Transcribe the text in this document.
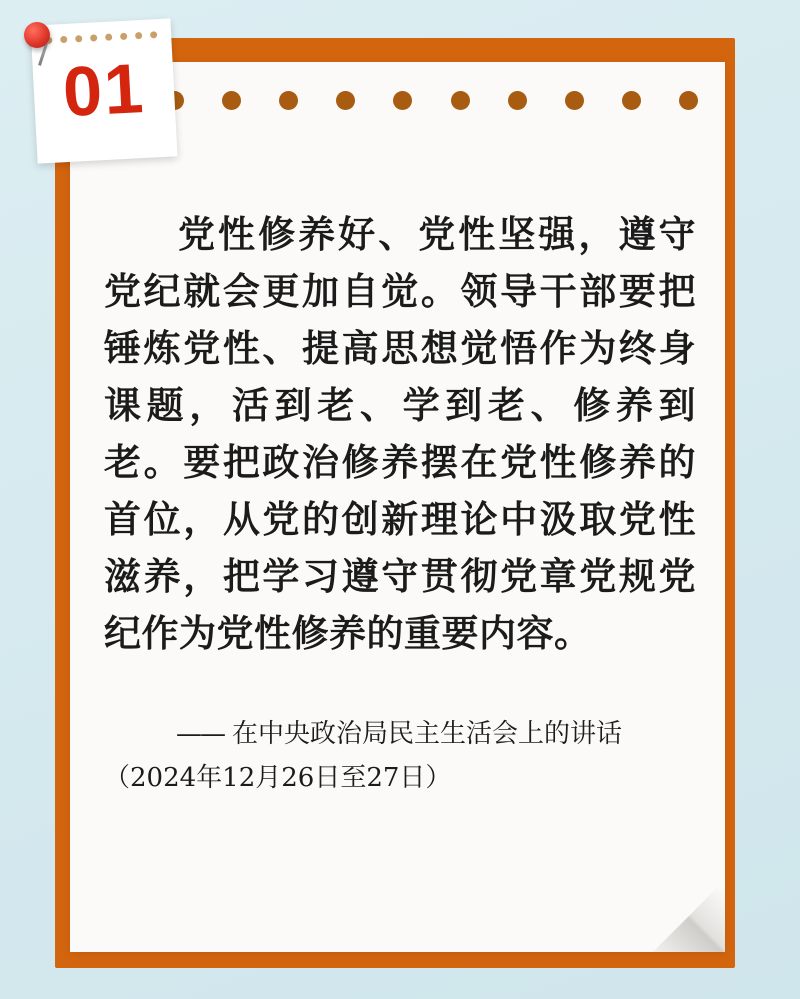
01
党性修养好、党性坚强，遵守党纪就会更加自觉。领导干部要把锤炼党性、提高思想觉悟作为终身课题，活到老、学到老、修养到老。要把政治修养摆在党性修养的首位，从党的创新理论中汲取党性滋养，把学习遵守贯彻党章党规党纪作为党性修养的重要内容。
—— 在中央政治局民主生活会上的讲话
（2024年12月26日至27日）
